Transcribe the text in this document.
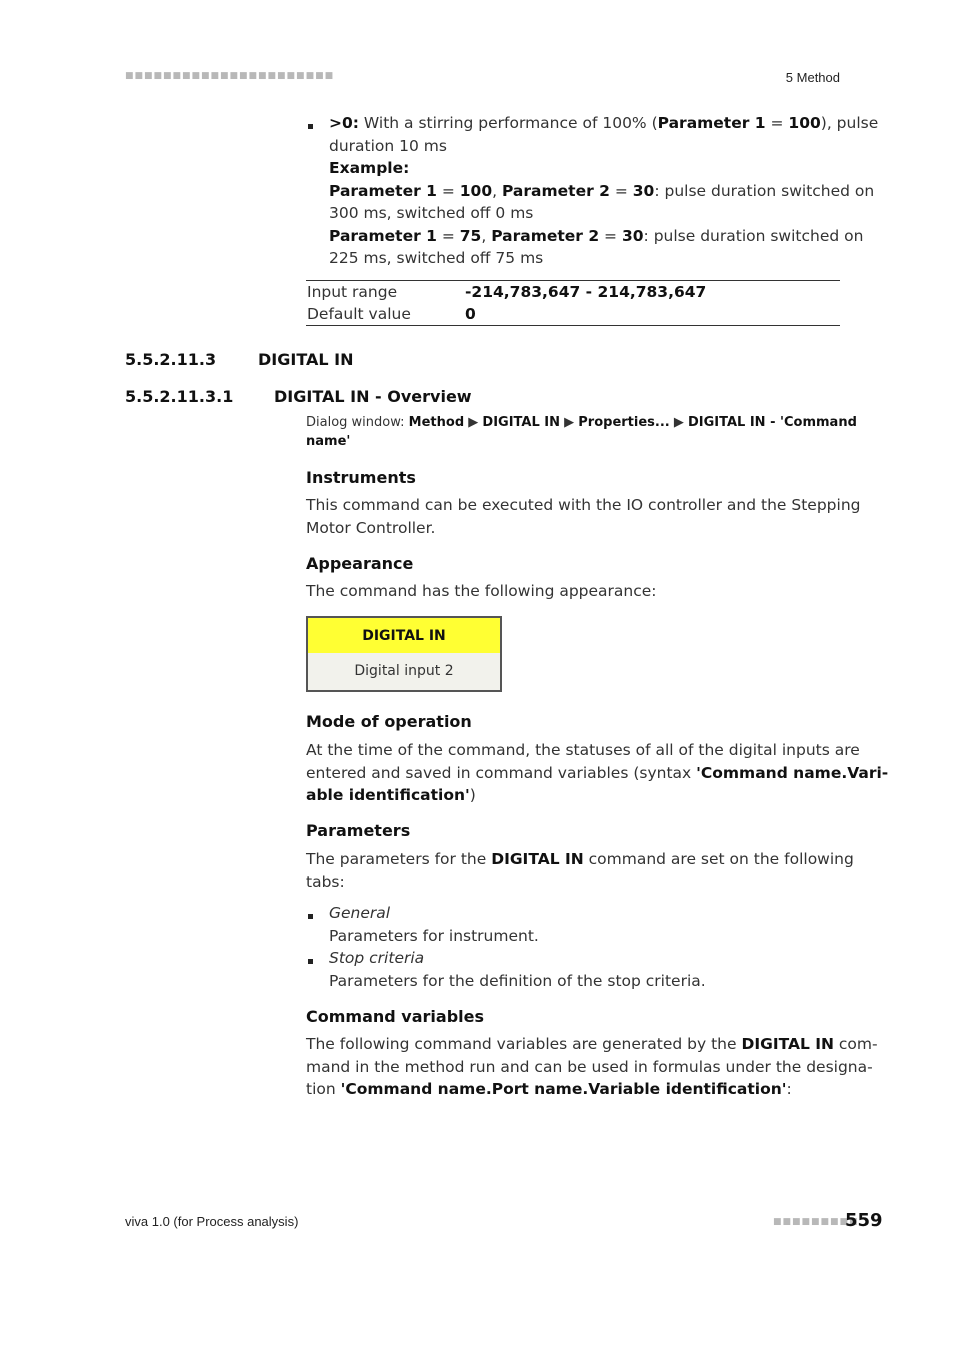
■■■■■■■■■■■■■■■■■■■■■■	5 Method
>0: With a stirring performance of 100% (Parameter 1 = 100), pulse
duration 10 ms
Example:
Parameter 1 = 100, Parameter 2 = 30: pulse duration switched on
300 ms, switched off 0 ms
Parameter 1 = 75, Parameter 2 = 30: pulse duration switched on
225 ms, switched off 75 ms
Input range	-214,783,647 - 214,783,647
Default value	0
5.5.2.11.3	DIGITAL IN
5.5.2.11.3.1	DIGITAL IN - Overview
Dialog window: Method ▶ DIGITAL IN ▶ Properties... ▶ DIGITAL IN - 'Command
name'
Instruments
This command can be executed with the IO controller and the Stepping
Motor Controller.
Appearance
The command has the following appearance:
DIGITAL IN
Digital input 2
Mode of operation
At the time of the command, the statuses of all of the digital inputs are
entered and saved in command variables (syntax 'Command name.Vari-
able identification')
Parameters
The parameters for the DIGITAL IN command are set on the following
tabs:
General
Parameters for instrument.
Stop criteria
Parameters for the definition of the stop criteria.
Command variables
The following command variables are generated by the DIGITAL IN com-
mand in the method run and can be used in formulas under the designa-
tion 'Command name.Port name.Variable identification':
viva 1.0 (for Process analysis)	■■■■■■■■■
559
